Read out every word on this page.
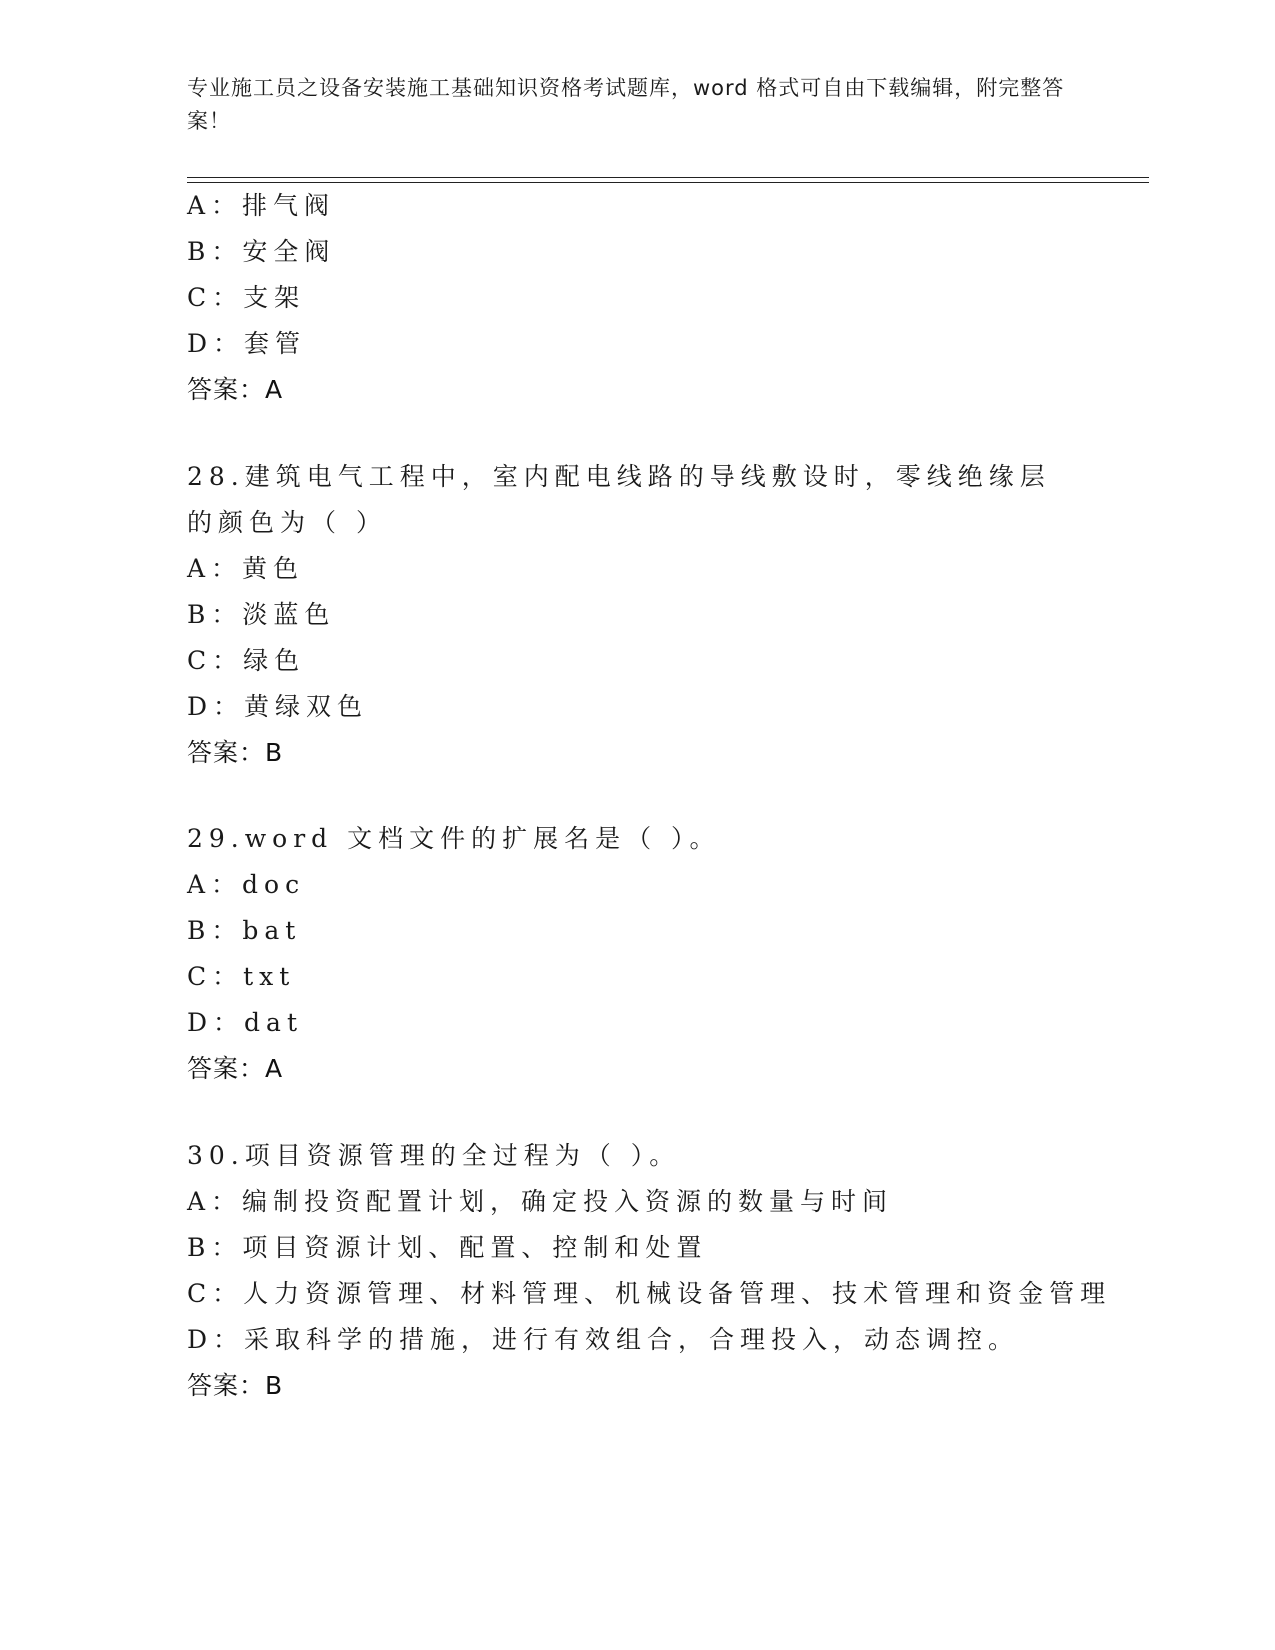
专业施工员之设备安装施工基础知识资格考试题库，word 格式可自由下载编辑，附完整答案！
A：排气阀
B：安全阀
C：支架
D：套管
答案：A
28.建筑电气工程中，室内配电线路的导线敷设时，零线绝缘层的颜色为（ ）
A：黄色
B：淡蓝色
C：绿色
D：黄绿双色
答案：B
29.word 文档文件的扩展名是（ ）。
A：doc
B：bat
C：txt
D：dat
答案：A
30.项目资源管理的全过程为（ ）。
A：编制投资配置计划，确定投入资源的数量与时间
B：项目资源计划、配置、控制和处置
C：人力资源管理、材料管理、机械设备管理、技术管理和资金管理
D：采取科学的措施，进行有效组合，合理投入，动态调控。
答案：B
